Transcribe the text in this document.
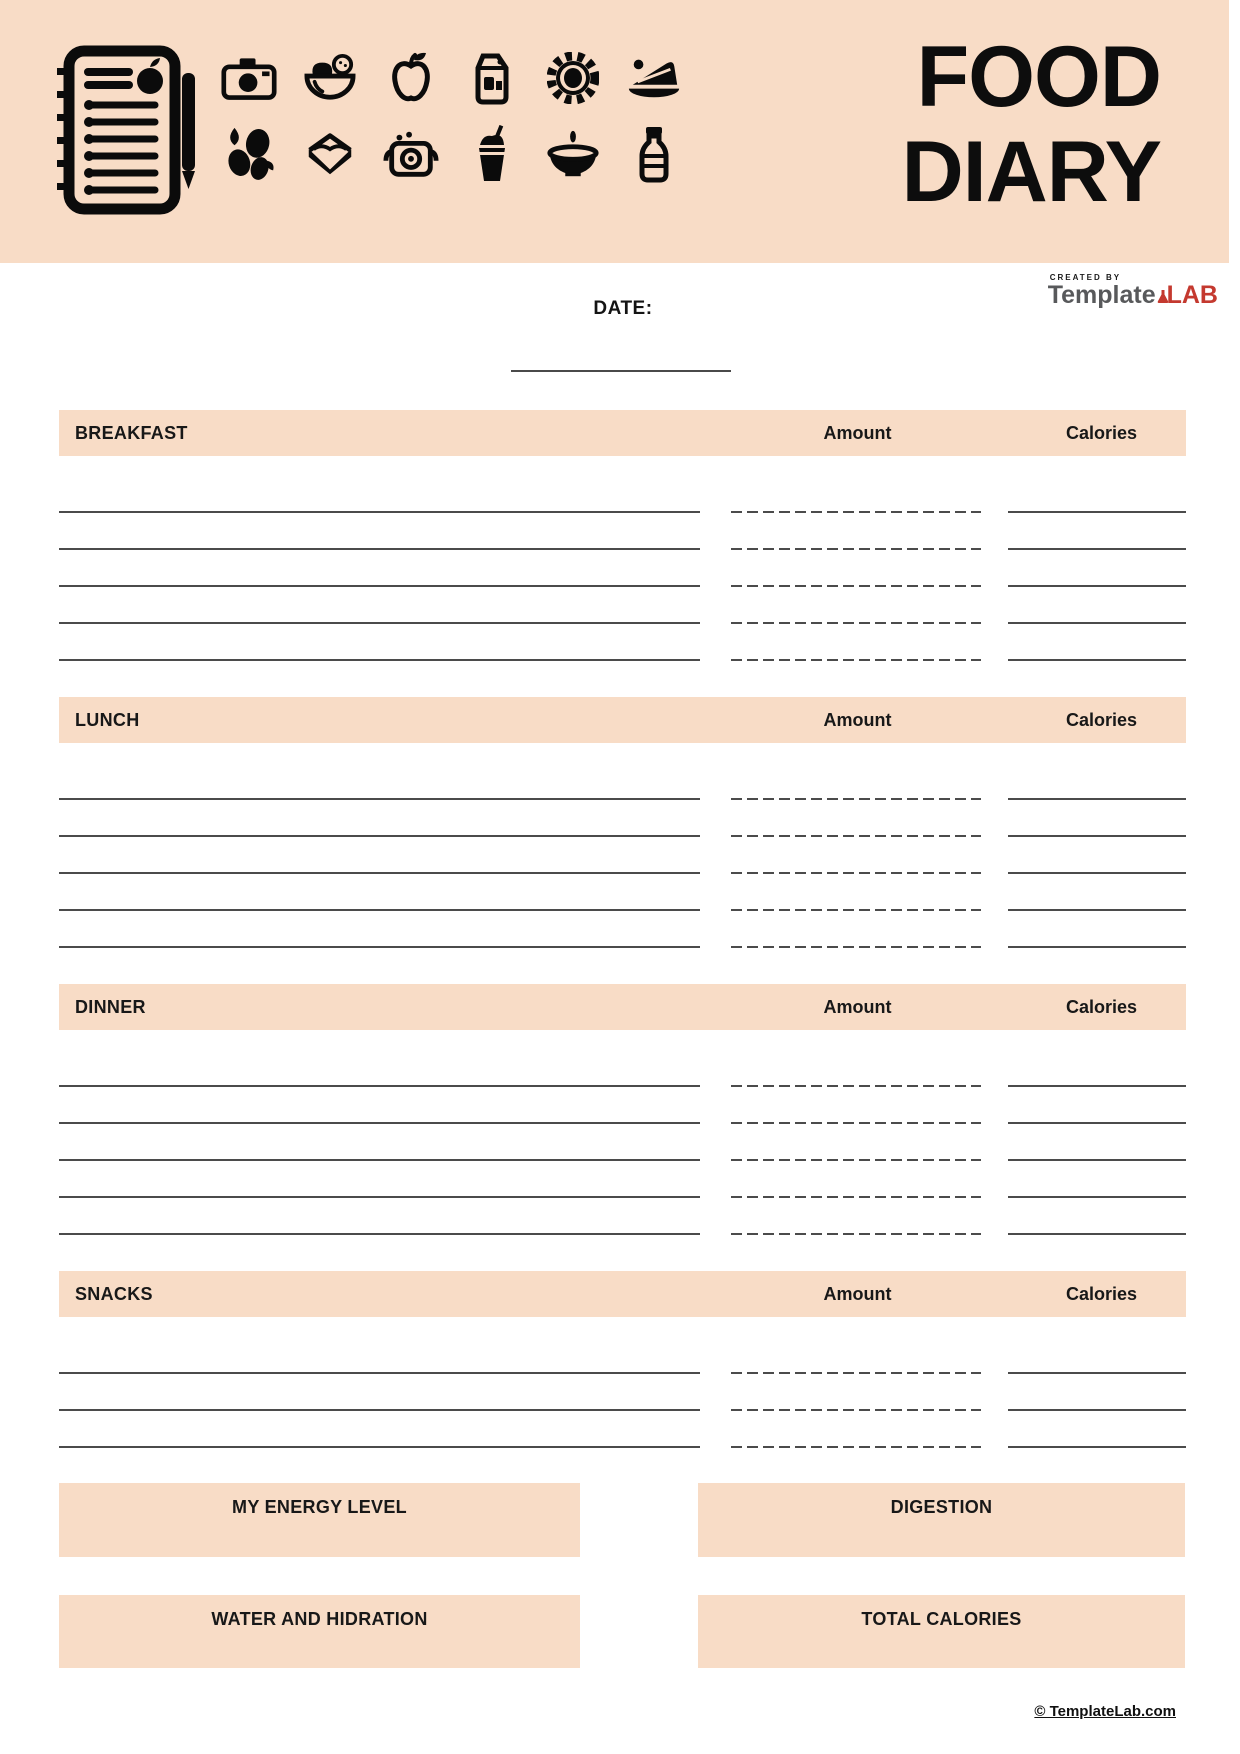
FOOD
DIARY
CREATED BY
Template LAB
DATE:
BREAKFAST	Amount	Calories
LUNCH	Amount	Calories
DINNER	Amount	Calories
SNACKS	Amount	Calories
MY ENERGY LEVEL	DIGESTION
WATER AND HIDRATION	TOTAL CALORIES
© TemplateLab.com
